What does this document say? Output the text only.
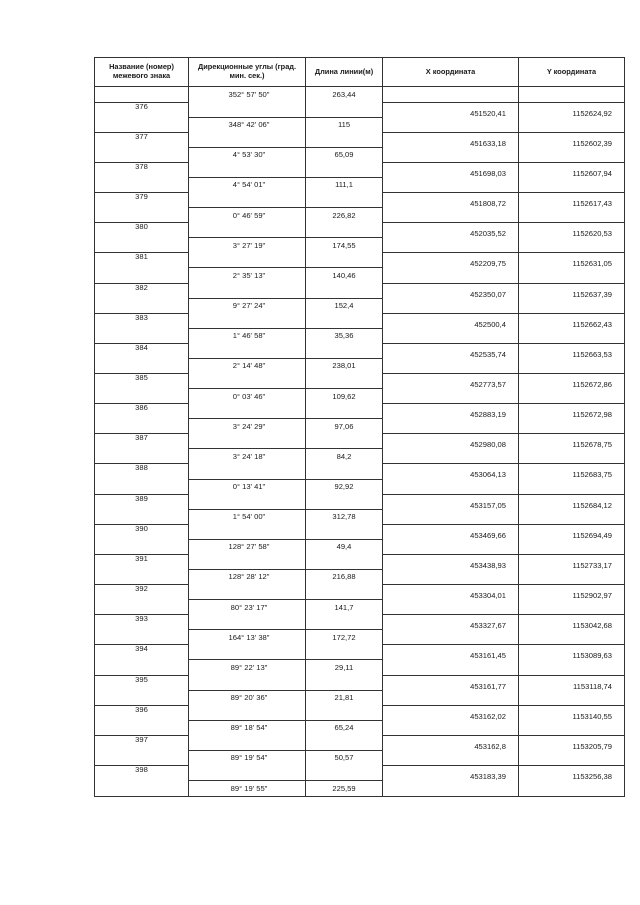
Название (номер) межевого знака	Дирекционные углы (град. мин. сек.)	Длина линии(м)	X координата	Y координата
	352° 57' 50"	263,44		
376			451520,41	1152624,92
	348° 42' 06"	115		
377			451633,18	1152602,39
	4° 53' 30"	65,09		
378			451698,03	1152607,94
	4° 54' 01"	111,1		
379			451808,72	1152617,43
	0° 46' 59"	226,82		
380			452035,52	1152620,53
	3° 27' 19"	174,55		
381			452209,75	1152631,05
	2° 35' 13"	140,46		
382			452350,07	1152637,39
	9° 27' 24"	152,4		
383			452500,4	1152662,43
	1° 46' 58"	35,36		
384			452535,74	1152663,53
	2° 14' 48"	238,01		
385			452773,57	1152672,86
	0° 03' 46"	109,62		
386			452883,19	1152672,98
	3° 24' 29"	97,06		
387			452980,08	1152678,75
	3° 24' 18"	84,2		
388			453064,13	1152683,75
	0° 13' 41"	92,92		
389			453157,05	1152684,12
	1° 54' 00"	312,78		
390			453469,66	1152694,49
	128° 27' 58"	49,4		
391			453438,93	1152733,17
	128° 28' 12"	216,88		
392			453304,01	1152902,97
	80° 23' 17"	141,7		
393			453327,67	1153042,68
	164° 13' 38"	172,72		
394			453161,45	1153089,63
	89° 22' 13"	29,11		
395			453161,77	1153118,74
	89° 20' 36"	21,81		
396			453162,02	1153140,55
	89° 18' 54"	65,24		
397			453162,8	1153205,79
	89° 19' 54"	50,57		
398			453183,39	1153256,38
	89° 19' 55"	225,59		
